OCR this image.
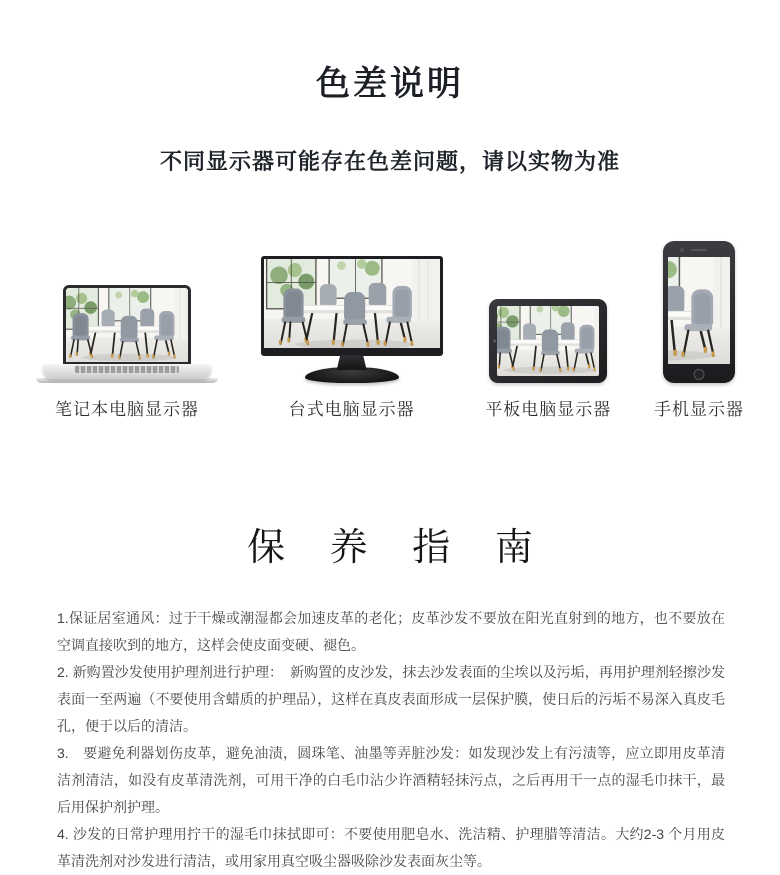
色差说明

不同显示器可能存在色差问题，请以实物为准

笔记本电脑显示器	台式电脑显示器	平板电脑显示器	手机显示器
保 养 指 南

1.保证居室通风：过于干燥或潮湿都会加速皮革的老化；皮革沙发不要放在阳光直射到的地方，也不要放在空调直接吹到的地方，这样会使皮面变硬、褪色。

2. 新购置沙发使用护理剂进行护理：　新购置的皮沙发，抹去沙发表面的尘埃以及污垢，再用护理剂轻擦沙发表面一至两遍（不要使用含蜡质的护理品），这样在真皮表面形成一层保护膜，使日后的污垢不易深入真皮毛孔，便于以后的清洁。

3.　要避免利器划伤皮革，避免油渍，圆珠笔、油墨等弄脏沙发：如发现沙发上有污渍等，应立即用皮革清洁剂清洁，如没有皮革清洗剂，可用干净的白毛巾沾少许酒精轻抹污点，之后再用干一点的湿毛巾抹干，最后用保护剂护理。

4. 沙发的日常护理用拧干的湿毛巾抹拭即可：不要使用肥皂水、洗洁精、护理腊等清洁。大约2-3 个月用皮革清洗剂对沙发进行清洁，或用家用真空吸尘器吸除沙发表面灰尘等。
